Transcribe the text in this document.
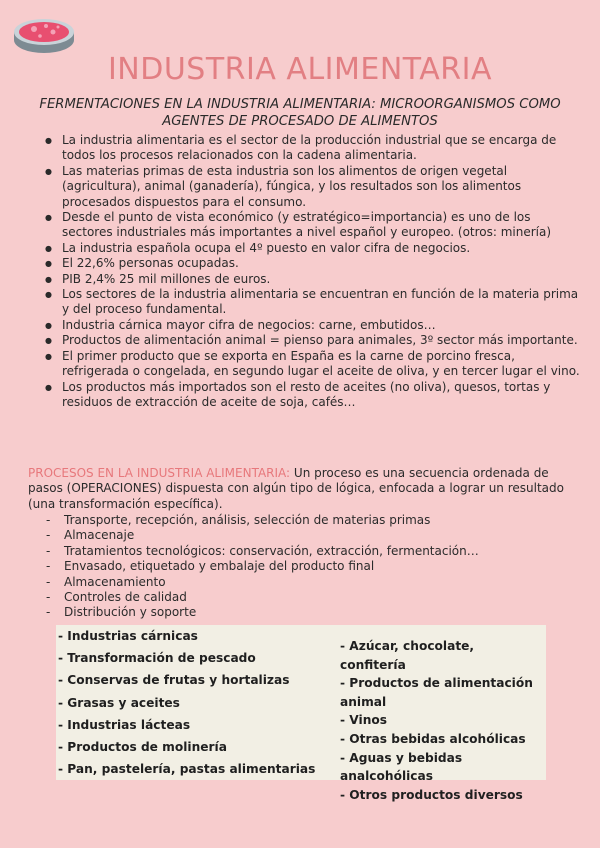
INDUSTRIA ALIMENTARIA
FERMENTACIONES EN LA INDUSTRIA ALIMENTARIA: MICROORGANISMOS COMO AGENTES DE PROCESADO DE ALIMENTOS
● La industria alimentaria es el sector de la producción industrial que se encarga de todos los procesos relacionados con la cadena alimentaria.
● Las materias primas de esta industria son los alimentos de origen vegetal (agricultura), animal (ganadería), fúngica, y los resultados son los alimentos procesados dispuestos para el consumo.
● Desde el punto de vista económico (y estratégico=importancia) es uno de los sectores industriales más importantes a nivel español y europeo. (otros: minería)
● La industria española ocupa el 4º puesto en valor cifra de negocios.
● El 22,6% personas ocupadas.
● PIB 2,4% 25 mil millones de euros.
● Los sectores de la industria alimentaria se encuentran en función de la materia prima y del proceso fundamental.
● Industria cárnica mayor cifra de negocios: carne, embutidos…
● Productos de alimentación animal = pienso para animales, 3º sector más importante.
● El primer producto que se exporta en España es la carne de porcino fresca, refrigerada o congelada, en segundo lugar el aceite de oliva, y en tercer lugar el vino.
● Los productos más importados son el resto de aceites (no oliva), quesos, tortas y residuos de extracción de aceite de soja, cafés…
PROCESOS EN LA INDUSTRIA ALIMENTARIA: Un proceso es una secuencia ordenada de pasos (OPERACIONES) dispuesta con algún tipo de lógica, enfocada a lograr un resultado (una transformación específica).
- Transporte, recepción, análisis, selección de materias primas
- Almacenaje
- Tratamientos tecnológicos: conservación, extracción, fermentación…
- Envasado, etiquetado y embalaje del producto final
- Almacenamiento
- Controles de calidad
- Distribución y soporte
- Industrias cárnicas
- Transformación de pescado
- Conservas de frutas y hortalizas
- Grasas y aceites
- Industrias lácteas
- Productos de molinería
- Pan, pastelería, pastas alimentarias
- Azúcar, chocolate, confitería
- Productos de alimentación animal
- Vinos
- Otras bebidas alcohólicas
- Aguas y bebidas analcohólicas
- Otros productos diversos
